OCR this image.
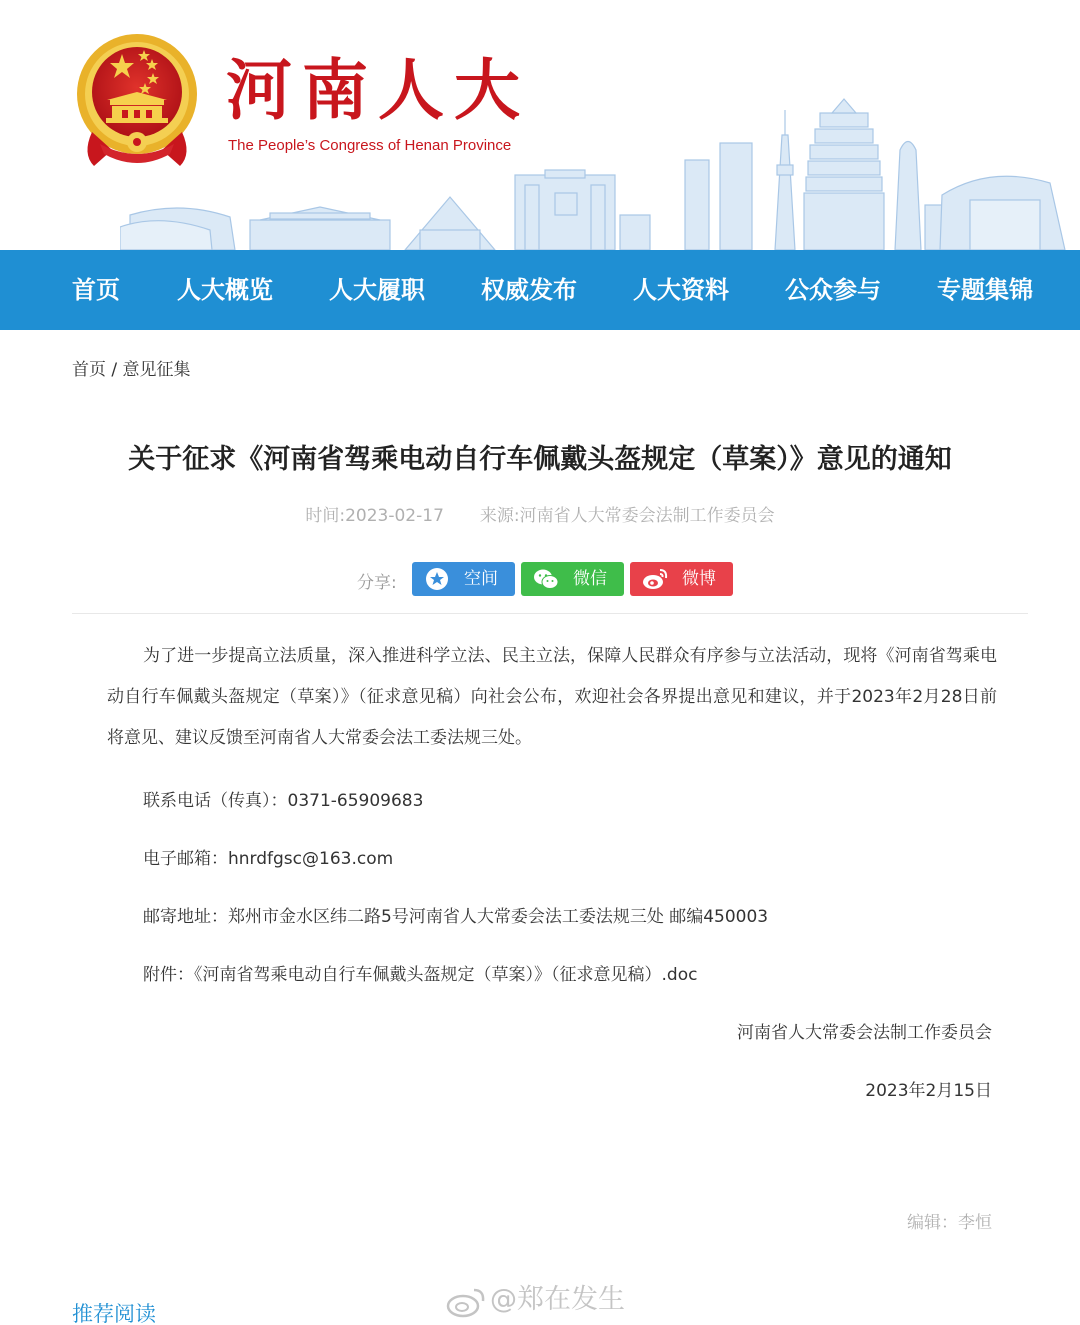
河南人大
The People’s Congress of Henan Province
首页 人大概览 人大履职 权威发布 人大资料 公众参与 专题集锦
首页 / 意见征集
关于征求《河南省驾乘电动自行车佩戴头盔规定（草案）》意见的通知
时间:2023-02-17 来源:河南省人大常委会法制工作委员会
分享:	空间	微信	微博

为了进一步提高立法质量，深入推进科学立法、民主立法，保障人民群众有序参与立法活动，现将《河南省驾乘电动自行车佩戴头盔规定（草案）》（征求意见稿）向社会公布，欢迎社会各界提出意见和建议，并于2023年2月28日前将意见、建议反馈至河南省人大常委会法工委法规三处。

联系电话（传真）：0371-65909683
电子邮箱：hnrdfgsc@163.com
邮寄地址：郑州市金水区纬二路5号河南省人大常委会法工委法规三处 邮编450003
附件：《河南省驾乘电动自行车佩戴头盔规定（草案）》（征求意见稿）.doc
河南省人大常委会法制工作委员会
2023年2月15日
编辑：李恒
推荐阅读	@郑在发生
